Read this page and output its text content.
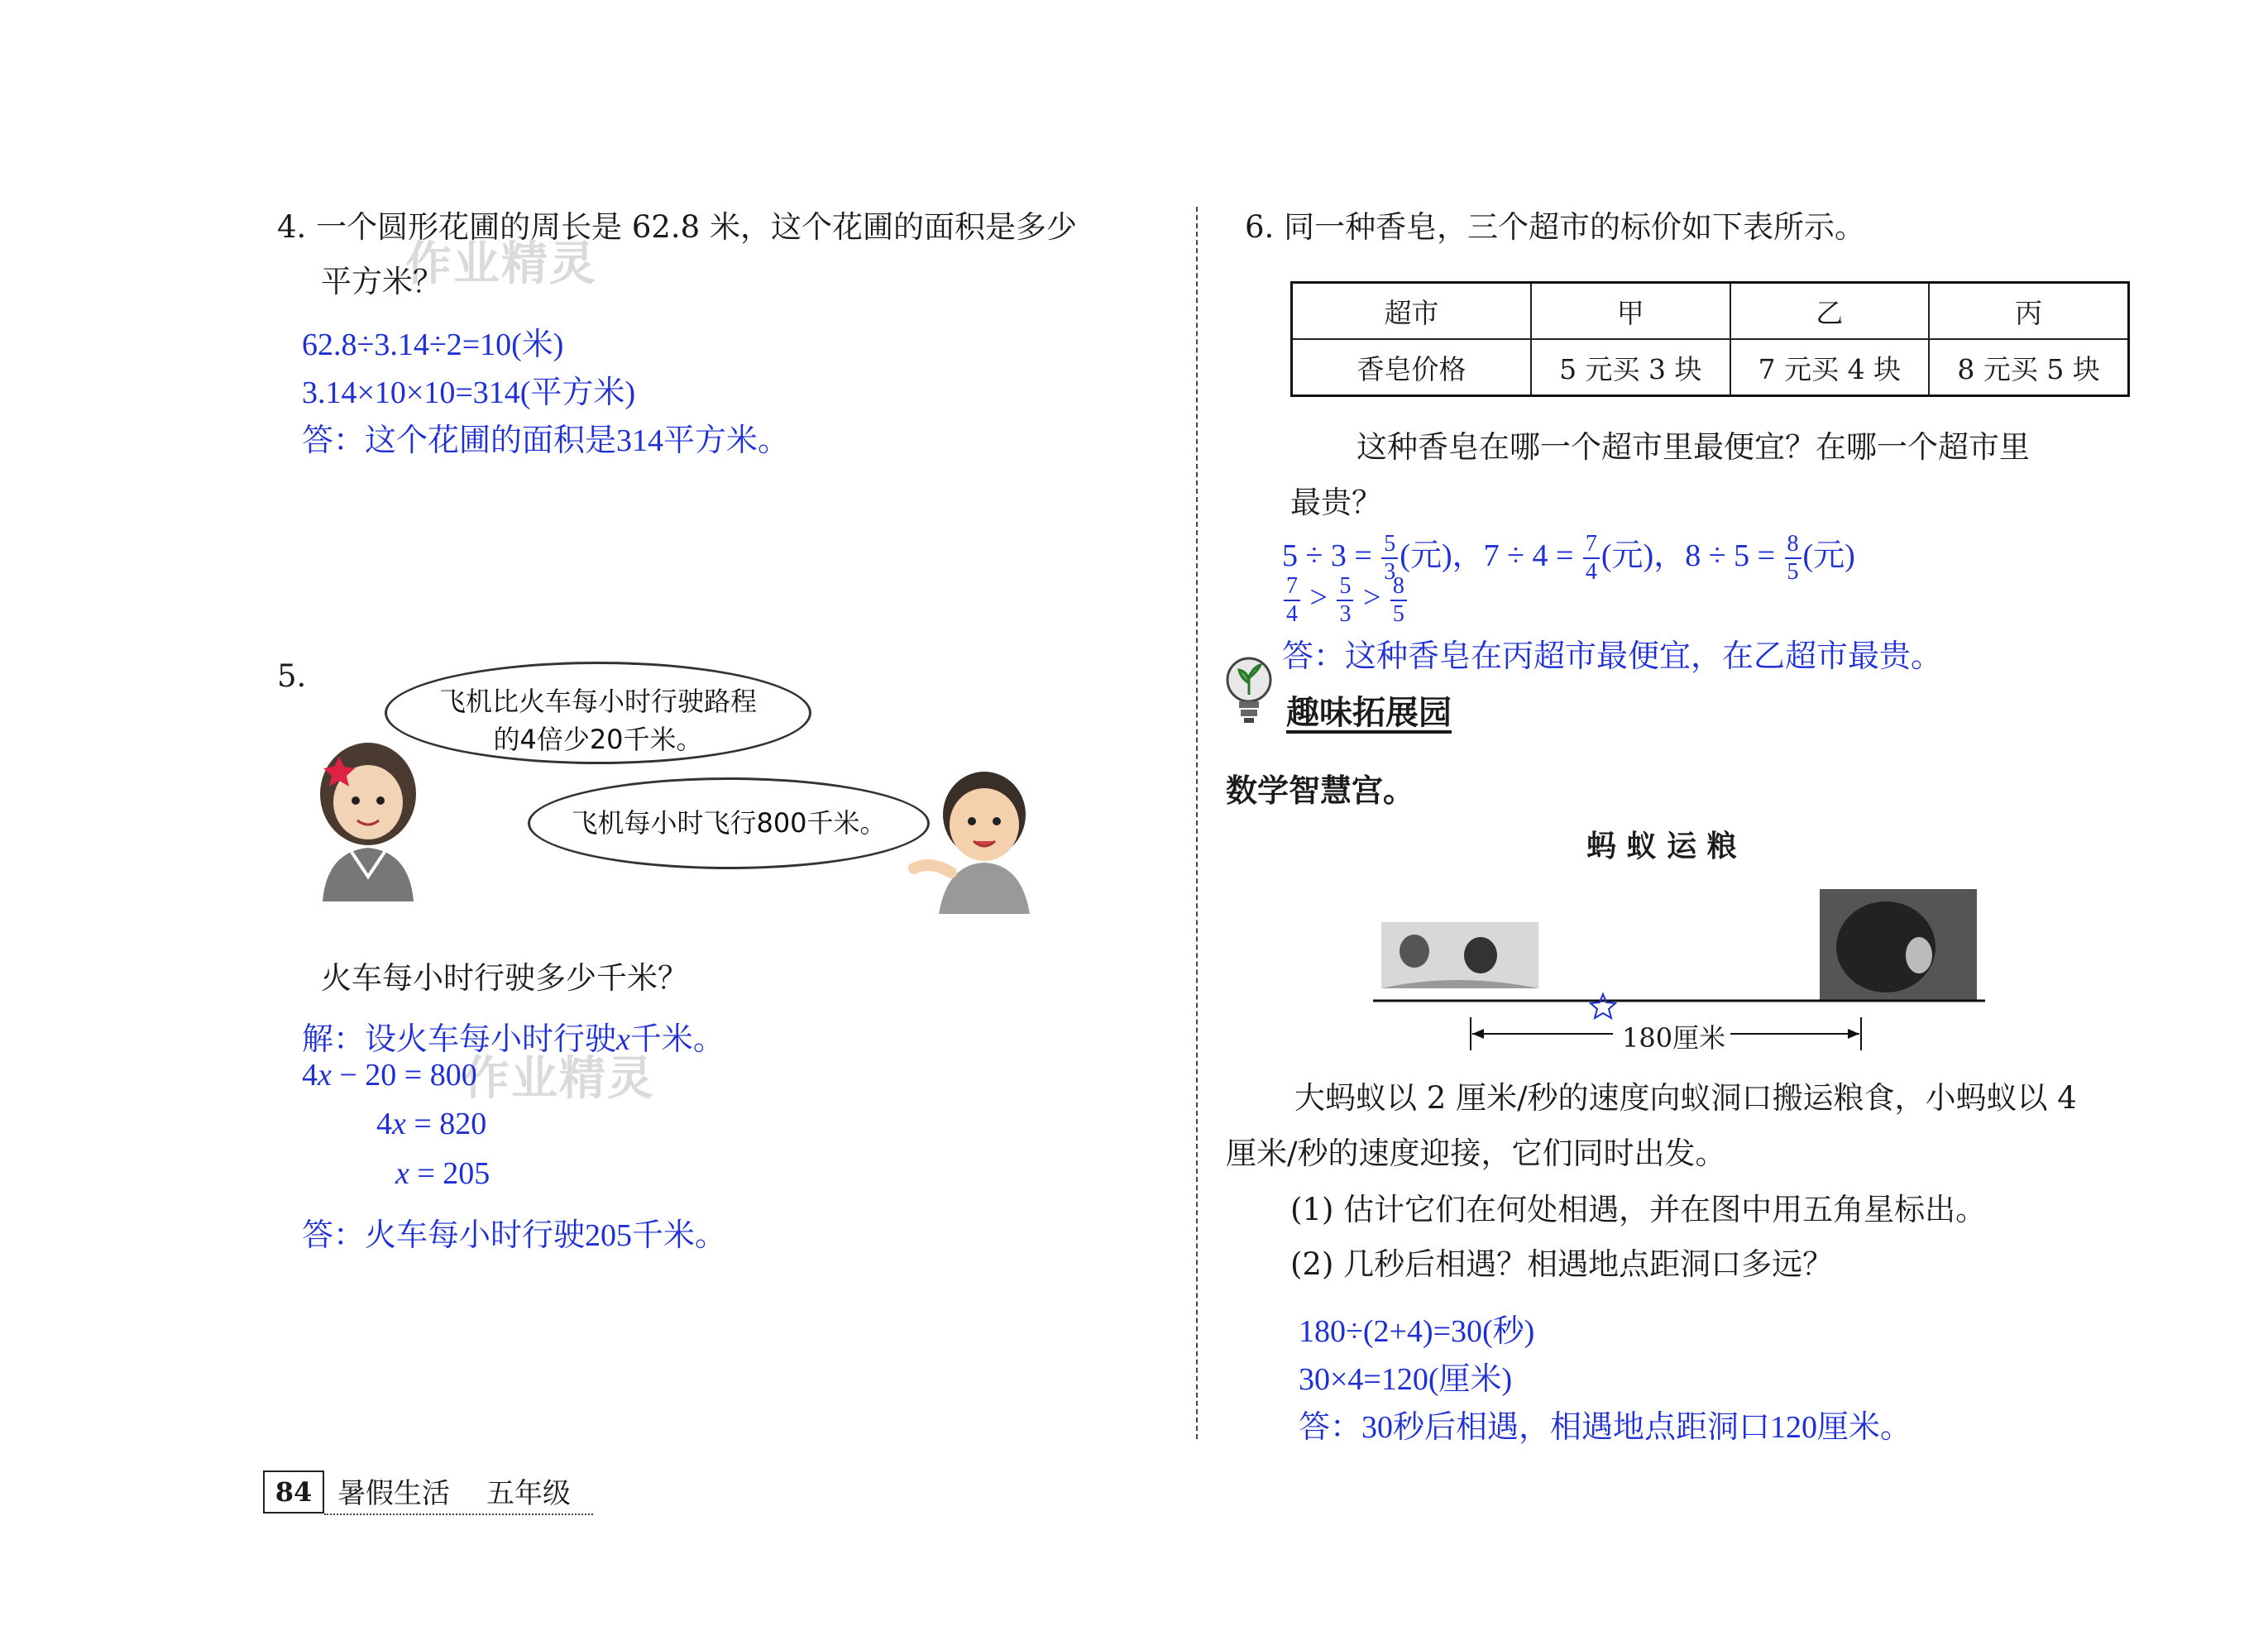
作业精灵
作业精灵
4. 一个圆形花圃的周长是 62.8 米，这个花圃的面积是多少
平方米？
62.8÷3.14÷2=10(米)
3.14×10×10=314(平方米)
答：这个花圃的面积是314平方米。
5.
飞机比火车每小时行驶路程
的4倍少20千米。
飞机每小时飞行800千米。
火车每小时行驶多少千米？
解：设火车每小时行驶x千米。
4x − 20 = 800
4x = 820
x = 205
答：火车每小时行驶205千米。
6. 同一种香皂，三个超市的标价如下表所示。
超市	甲	乙	丙
香皂价格	5 元买 3 块	7 元买 4 块	8 元买 5 块
这种香皂在哪一个超市里最便宜？在哪一个超市里
最贵？
$5 \div 3 = \frac{5}{3}$ (元)，$7 \div 4 = \frac{7}{4}$ (元)，$8 \div 5 = \frac{8}{5}$ (元)
$\frac{7}{4} > \frac{5}{3} > \frac{8}{5}$
答：这种香皂在丙超市最便宜，在乙超市最贵。
趣味拓展园
数学智慧宫。
蚂 蚁 运 粮
180厘米
大蚂蚁以 2 厘米/秒的速度向蚁洞口搬运粮食，小蚂蚁以 4
厘米/秒的速度迎接，它们同时出发。
(1) 估计它们在何处相遇，并在图中用五角星标出。
(2) 几秒后相遇？相遇地点距洞口多远？
180÷(2+4)=30(秒)
30×4=120(厘米)
答：30秒后相遇，相遇地点距洞口120厘米。
84 暑假生活 五年级
